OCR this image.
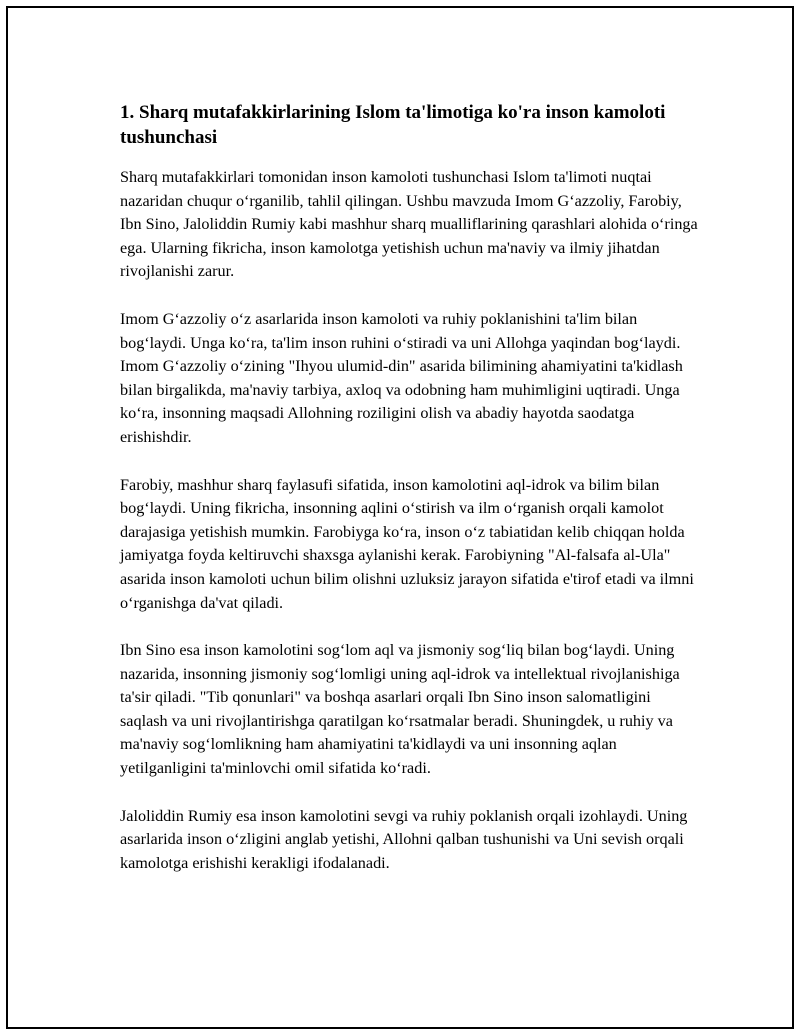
1. Sharq mutafakkirlarining Islom ta'limotiga ko'ra inson kamoloti tushunchasi

Sharq mutafakkirlari tomonidan inson kamoloti tushunchasi Islom ta'limoti nuqtai nazaridan chuqur o‘rganilib, tahlil qilingan. Ushbu mavzuda Imom G‘azzoliy, Farobiy, Ibn Sino, Jaloliddin Rumiy kabi mashhur sharq mualliflarining qarashlari alohida o‘ringa ega. Ularning fikricha, inson kamolotga yetishish uchun ma'naviy va ilmiy jihatdan rivojlanishi zarur.

Imom G‘azzoliy o‘z asarlarida inson kamoloti va ruhiy poklanishini ta'lim bilan bog‘laydi. Unga ko‘ra, ta'lim inson ruhini o‘stiradi va uni Allohga yaqindan bog‘laydi. Imom G‘azzoliy o‘zining "Ihyou ulumid-din" asarida bilimining ahamiyatini ta'kidlash bilan birgalikda, ma'naviy tarbiya, axloq va odobning ham muhimligini uqtiradi. Unga ko‘ra, insonning maqsadi Allohning roziligini olish va abadiy hayotda saodatga erishishdir.

Farobiy, mashhur sharq faylasufi sifatida, inson kamolotini aql-idrok va bilim bilan bog‘laydi. Uning fikricha, insonning aqlini o‘stirish va ilm o‘rganish orqali kamolot darajasiga yetishish mumkin. Farobiyga ko‘ra, inson o‘z tabiatidan kelib chiqqan holda jamiyatga foyda keltiruvchi shaxsga aylanishi kerak. Farobiyning "Al-falsafa al-Ula" asarida inson kamoloti uchun bilim olishni uzluksiz jarayon sifatida e'tirof etadi va ilmni o‘rganishga da'vat qiladi.

Ibn Sino esa inson kamolotini sog‘lom aql va jismoniy sog‘liq bilan bog‘laydi. Uning nazarida, insonning jismoniy sog‘lomligi uning aql-idrok va intellektual rivojlanishiga ta'sir qiladi. "Tib qonunlari" va boshqa asarlari orqali Ibn Sino inson salomatligini saqlash va uni rivojlantirishga qaratilgan ko‘rsatmalar beradi. Shuningdek, u ruhiy va ma'naviy sog‘lomlikning ham ahamiyatini ta'kidlaydi va uni insonning aqlan yetilganligini ta'minlovchi omil sifatida ko‘radi.

Jaloliddin Rumiy esa inson kamolotini sevgi va ruhiy poklanish orqali izohlaydi. Uning asarlarida inson o‘zligini anglab yetishi, Allohni qalban tushunishi va Uni sevish orqali kamolotga erishishi kerakligi ifodalanadi.
